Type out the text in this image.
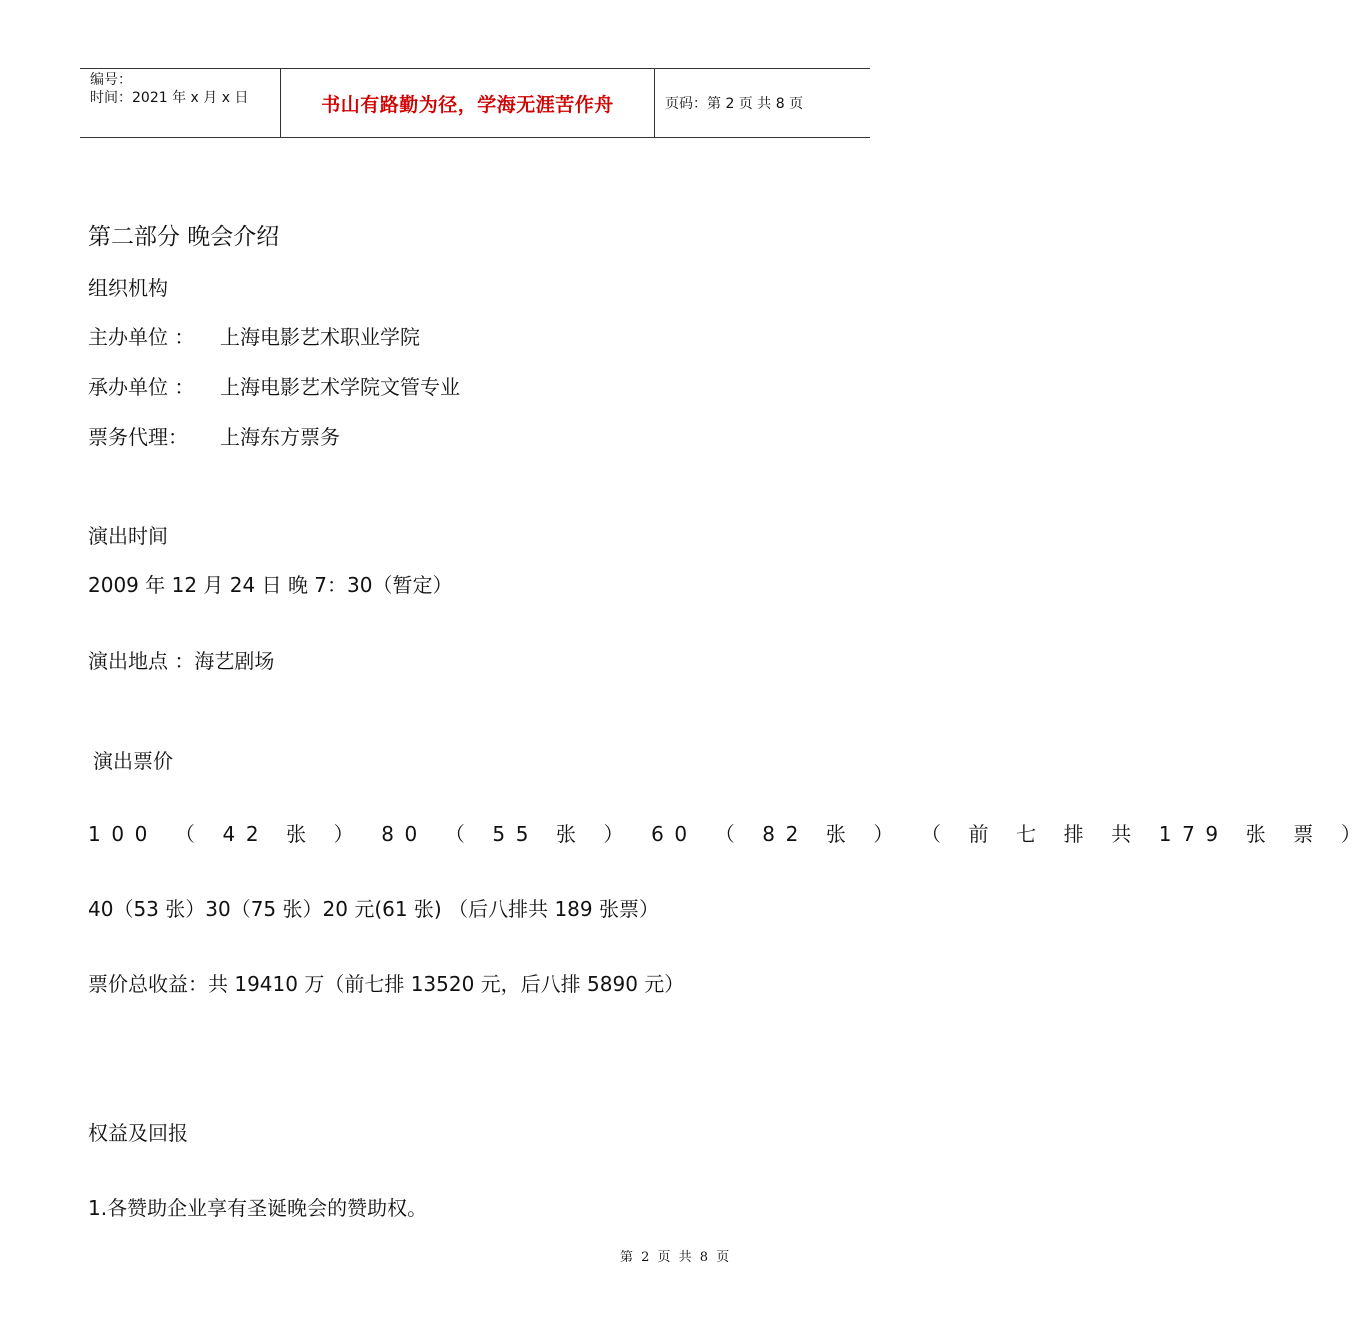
编号：
时间：2021 年 x 月 x 日	书山有路勤为径，学海无涯苦作舟	页码：第 2 页 共 8 页
第二部分 晚会介绍
组织机构
主办单位 ： 上海电影艺术职业学院
承办单位 ： 上海电影艺术学院文管专业
票务代理： 上海东方票务
演出时间
2009 年 12 月 24 日 晚 7：30（暂定）
演出地点 ：海艺剧场
演出票价
100 （ 42 张 ） 80 （ 55 张 ） 60 （ 82 张 ） （ 前 七 排 共 179 张 票 ）
40（53 张）30（75 张）20 元(61 张) （后八排共 189 张票）
票价总收益：共 19410 万（前七排 13520 元，后八排 5890 元）
权益及回报
1.各赞助企业享有圣诞晚会的赞助权。
第 2 页 共 8 页
